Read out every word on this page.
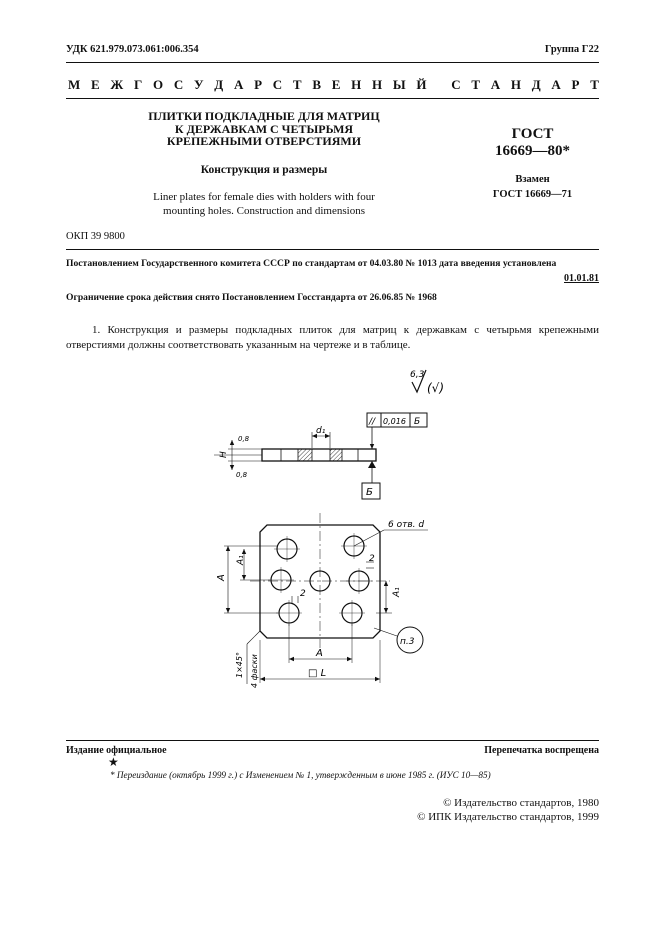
УДК 621.979.073.061:006.354	Группа Г22
М Е Ж Г О С У Д А Р С Т В Е Н Н Ы Й
С Т А Н Д А Р Т
ПЛИТКИ ПОДКЛАДНЫЕ ДЛЯ МАТРИЦ
К ДЕРЖАВКАМ С ЧЕТЫРЬМЯ
КРЕПЕЖНЫМИ ОТВЕРСТИЯМИ
Конструкция и размеры
Liner plates for female dies with holders with four
mounting holes. Construction and dimensions
ГОСТ
16669—80*
Взамен
ГОСТ 16669—71
ОКП 39 9800
Постановлением Государственного комитета СССР по стандартам от 04.03.80 № 1013 дата введения установлена
01.01.81
Ограничение срока действия снято Постановлением Госстандарта от 26.06.85 № 1968
1. Конструкция и размеры подкладных плиток для матриц к державкам с четырьмя крепежными отверстиями должны соответствовать указанным на чертеже и в таблице.
6,3
(√)
// 0,016 Б
d₁
H
0,8
0,8
Б
6 отв. d
2
2
A
A₁
A₁
A
□ L
1×45° 4 фаски
п.3
Издание официальное	Перепечатка воспрещена
★
* Переиздание (октябрь 1999 г.) с Изменением № 1, утвержденным в июне 1985 г. (ИУС 10—85)
© Издательство стандартов, 1980
© ИПК Издательство стандартов, 1999
